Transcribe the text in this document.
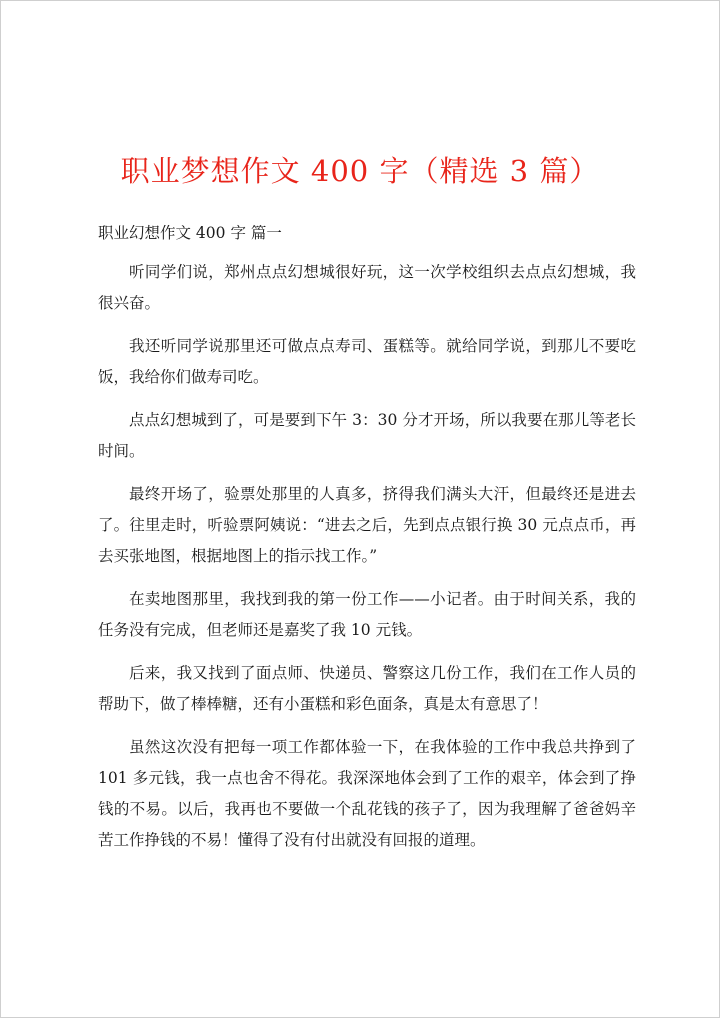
职业梦想作文 400 字（精选 3 篇）
职业幻想作文 400 字 篇一

听同学们说，郑州点点幻想城很好玩，这一次学校组织去点点幻想城，我很兴奋。

我还听同学说那里还可做点点寿司、蛋糕等。就给同学说，到那儿不要吃饭，我给你们做寿司吃。

点点幻想城到了，可是要到下午 3：30 分才开场，所以我要在那儿等老长时间。

最终开场了，验票处那里的人真多，挤得我们满头大汗，但最终还是进去了。往里走时，听验票阿姨说：“进去之后，先到点点银行换 30 元点点币，再去买张地图，根据地图上的指示找工作。”

在卖地图那里，我找到我的第一份工作——小记者。由于时间关系，我的任务没有完成，但老师还是嘉奖了我 10 元钱。

后来，我又找到了面点师、快递员、警察这几份工作，我们在工作人员的帮助下，做了棒棒糖，还有小蛋糕和彩色面条，真是太有意思了！

虽然这次没有把每一项工作都体验一下，在我体验的工作中我总共挣到了 101 多元钱，我一点也舍不得花。我深深地体会到了工作的艰辛，体会到了挣钱的不易。以后，我再也不要做一个乱花钱的孩子了，因为我理解了爸爸妈辛苦工作挣钱的不易！懂得了没有付出就没有回报的道理。
